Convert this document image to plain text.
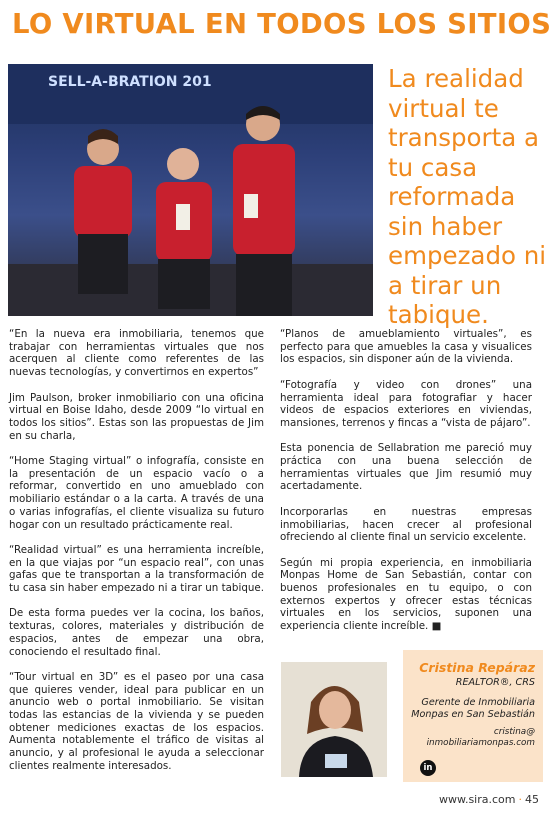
LO VIRTUAL EN TODOS LOS SITIOS
SELL-A-BRATION 201	La realidad virtual te transporta a tu casa reformada sin haber empezado ni a tirar un tabique.

“En la nueva era inmobiliaria, tenemos que trabajar con herramientas virtuales que nos acerquen al cliente como referentes de las nuevas tecnologías, y convertirnos en expertos”

Jim Paulson, broker inmobiliario con una oficina virtual en Boise Idaho, desde 2009 “lo virtual en todos los sitios”. Estas son las propuestas de Jim en su charla,

“Home Staging virtual” o infografía, consiste en la presentación de un espacio vacío o a reformar, convertido en uno amueblado con mobiliario estándar o a la carta. A través de una o varias infografías, el cliente visualiza su futuro hogar con un resultado prácticamente real.

“Realidad virtual” es una herramienta increíble, en la que viajas por “un espacio real”, con unas gafas que te transportan a la transformación de tu casa sin haber empezado ni a tirar un tabique.

De esta forma puedes ver la cocina, los baños, texturas, colores, materiales y distribución de espacios, antes de empezar una obra, conociendo el resultado final.

“Tour virtual en 3D” es el paseo por una casa que quieres vender, ideal para publicar en un anuncio web o portal inmobiliario. Se visitan todas las estancias de la vivienda y se pueden obtener mediciones exactas de los espacios. Aumenta notablemente el tráfico de visitas al anuncio, y al profesional le ayuda a seleccionar clientes realmente interesados.

“Planos de amueblamiento virtuales”, es perfecto para que amuebles la casa y visualices los espacios, sin disponer aún de la vivienda.

“Fotografía y video con drones” una herramienta ideal para fotografiar y hacer videos de espacios exteriores en viviendas, mansiones, terrenos y fincas a “vista de pájaro”.

Esta ponencia de Sellabration me pareció muy práctica con una buena selección de herramientas virtuales que Jim resumió muy acertadamente.

Incorporarlas en nuestras empresas inmobiliarias, hacen crecer al profesional ofreciendo al cliente final un servicio excelente.

Según mi propia experiencia, en inmobiliaria Monpas Home de San Sebastián, contar con buenos profesionales en tu equipo, o con externos expertos y ofrecer estas técnicas virtuales en los servicios, suponen una experiencia cliente increíble. ■

Cristina Repáraz

REALTOR®, CRS

Gerente de Inmobiliaria Monpas en San Sebastián

cristina@
inmobiliariamonpas.com

in
www.sira.com · 45
